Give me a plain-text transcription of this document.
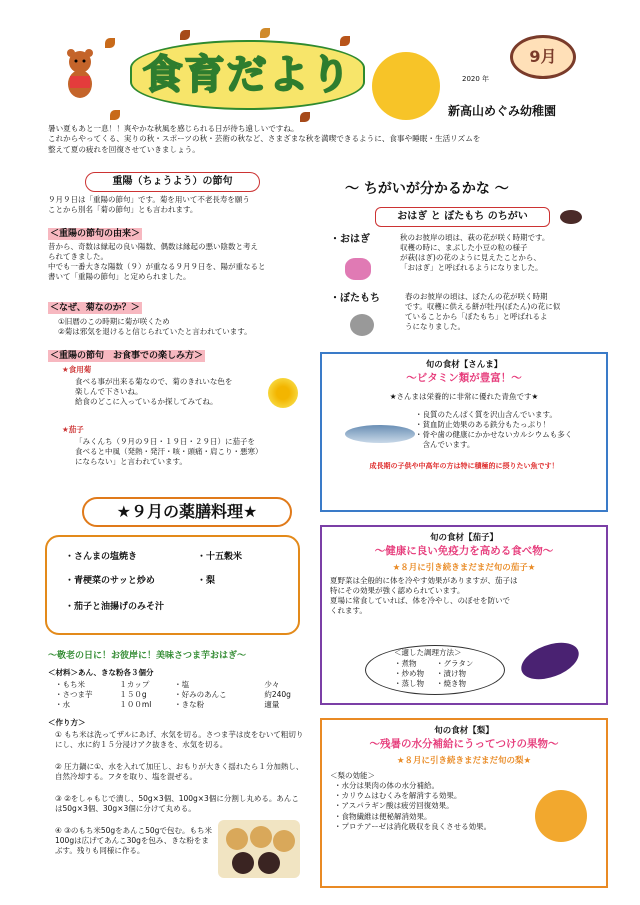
食育だより	2020 年
9月
新高山めぐみ幼稚園
暑い夏もあと一息！！爽やかな秋風を感じられる日が待ち遠しいですね。
これからやってくる、実りの秋・スポーツの秋・芸術の秋など、さまざまな秋を満喫できるように、食事や睡眠・生活リズムを
整えて夏の疲れを回復させていきましょう。
重陽（ちょうよう）の節句
９月９日は「重陽の節句」です。菊を用いて不老長寿を願う
ことから別名「菊の節句」とも言われます。
＜重陽の節句の由来＞
昔から、奇数は縁起の良い陽数、偶数は縁起の悪い陰数と考え
られてきました。
中でも一番大きな陽数（９）が重なる９月９日を、陽が重なると
書いて「重陽の節句」と定められました。
＜なぜ、菊なのか？＞
①旧暦のこの時期に菊が咲くため
②菊は邪気を退けると信じられていたと言われています。
＜重陽の節句　お食事での楽しみ方＞
★食用菊
食べる事が出来る菊なので、菊のきれいな色を
楽しんで下さいね。
給食のどこに入っているか探してみてね。
★茄子
「みくんち（９月の９日・１９日・２９日）に茄子を
食べると中風（発熱・発汗・咳・頭痛・肩こり・悪寒）
にならない」と言われています。
★９月の薬膳料理★
・さんまの塩焼き	・十五穀米
・青梗菜のサッと炒め	・梨
・茄子と油揚げのみそ汁
～敬老の日に！お彼岸に！美味さつま芋おはぎ～
＜材料＞あん、きな粉各３個分
・もち米	１カップ	・塩	少々
・さつま芋	１５０g	・好みのあんこ	約240g
・水	１００ml	・きな粉	適量
＜作り方＞
① もち米は洗ってザルにあげ、水気を切る。さつま芋は皮をむいて粗切りにし、水に約１５分浸けアク抜きを、水気を切る。
② 圧力鍋に①、水を入れて加圧し、おもりが大きく揺れたら１分加熱し、自然冷却する。フタを取り、塩を混ぜる。
③ ②をしゃもじで潰し、50g×3個、100g×3個に分割し丸める。あんこは50g×3個、30g×3個に分けて丸める。
④ ③のもち米50gをあんこ50gで包む。もち米100gは広げてあんこ30gを包み、きな粉をまぶす。残りも同様に作る。
～ ちがいが分かるかな ～
おはぎ と ぼたもち のちがい
・おはぎ	秋のお彼岸の頃は、萩の花が咲く時期です。
収穫の時に、まぶした小豆の粒の様子
が萩(はぎ)の花のように見えたことから、
「おはぎ」と呼ばれるようになりました。
・ぼたもち	春のお彼岸の頃は、ぼたんの花が咲く時期
です。収穫に供える餅が牡丹(ぼたん)の花に似
ていることから「ぼたもち」と呼ばれるよ
うになりました。
旬の食材【さんま】
～ビタミン類が豊富！～
★さんまは栄養的に非常に優れた青魚です★
・良質のたんぱく質を沢山含んでいます。
・貧血防止効果のある鉄分もたっぷり！
・骨や歯の健康にかかせないカルシウムも多く
　含んでいます。
成長期の子供や中高年の方は特に積極的に摂りたい魚です！
旬の食材【茄子】
～健康に良い免疫力を高める食べ物～
★８月に引き続きまだまだ旬の茄子★
夏野菜は全般的に体を冷やす効果がありますが、茄子は
特にその効果が強く認められています。
夏場に常食していれば、体を冷やし、のぼせを防いで
くれます。
＜適した調理方法＞
・煮物	・グラタン
・炒め物	・漬け物
・蒸し物	・焼き物
旬の食材【梨】
～残暑の水分補給にうってつけの果物～
★８月に引き続きまだまだ旬の梨★
＜梨の効能＞
・水分は果肉の体の水分補給。
・カリウムはむくみを解消する効果。
・アスパラギン酸は疲労回復効果。
・食物繊維は便秘解消効果。
・プロテアーゼは消化吸収を良くさせる効果。
